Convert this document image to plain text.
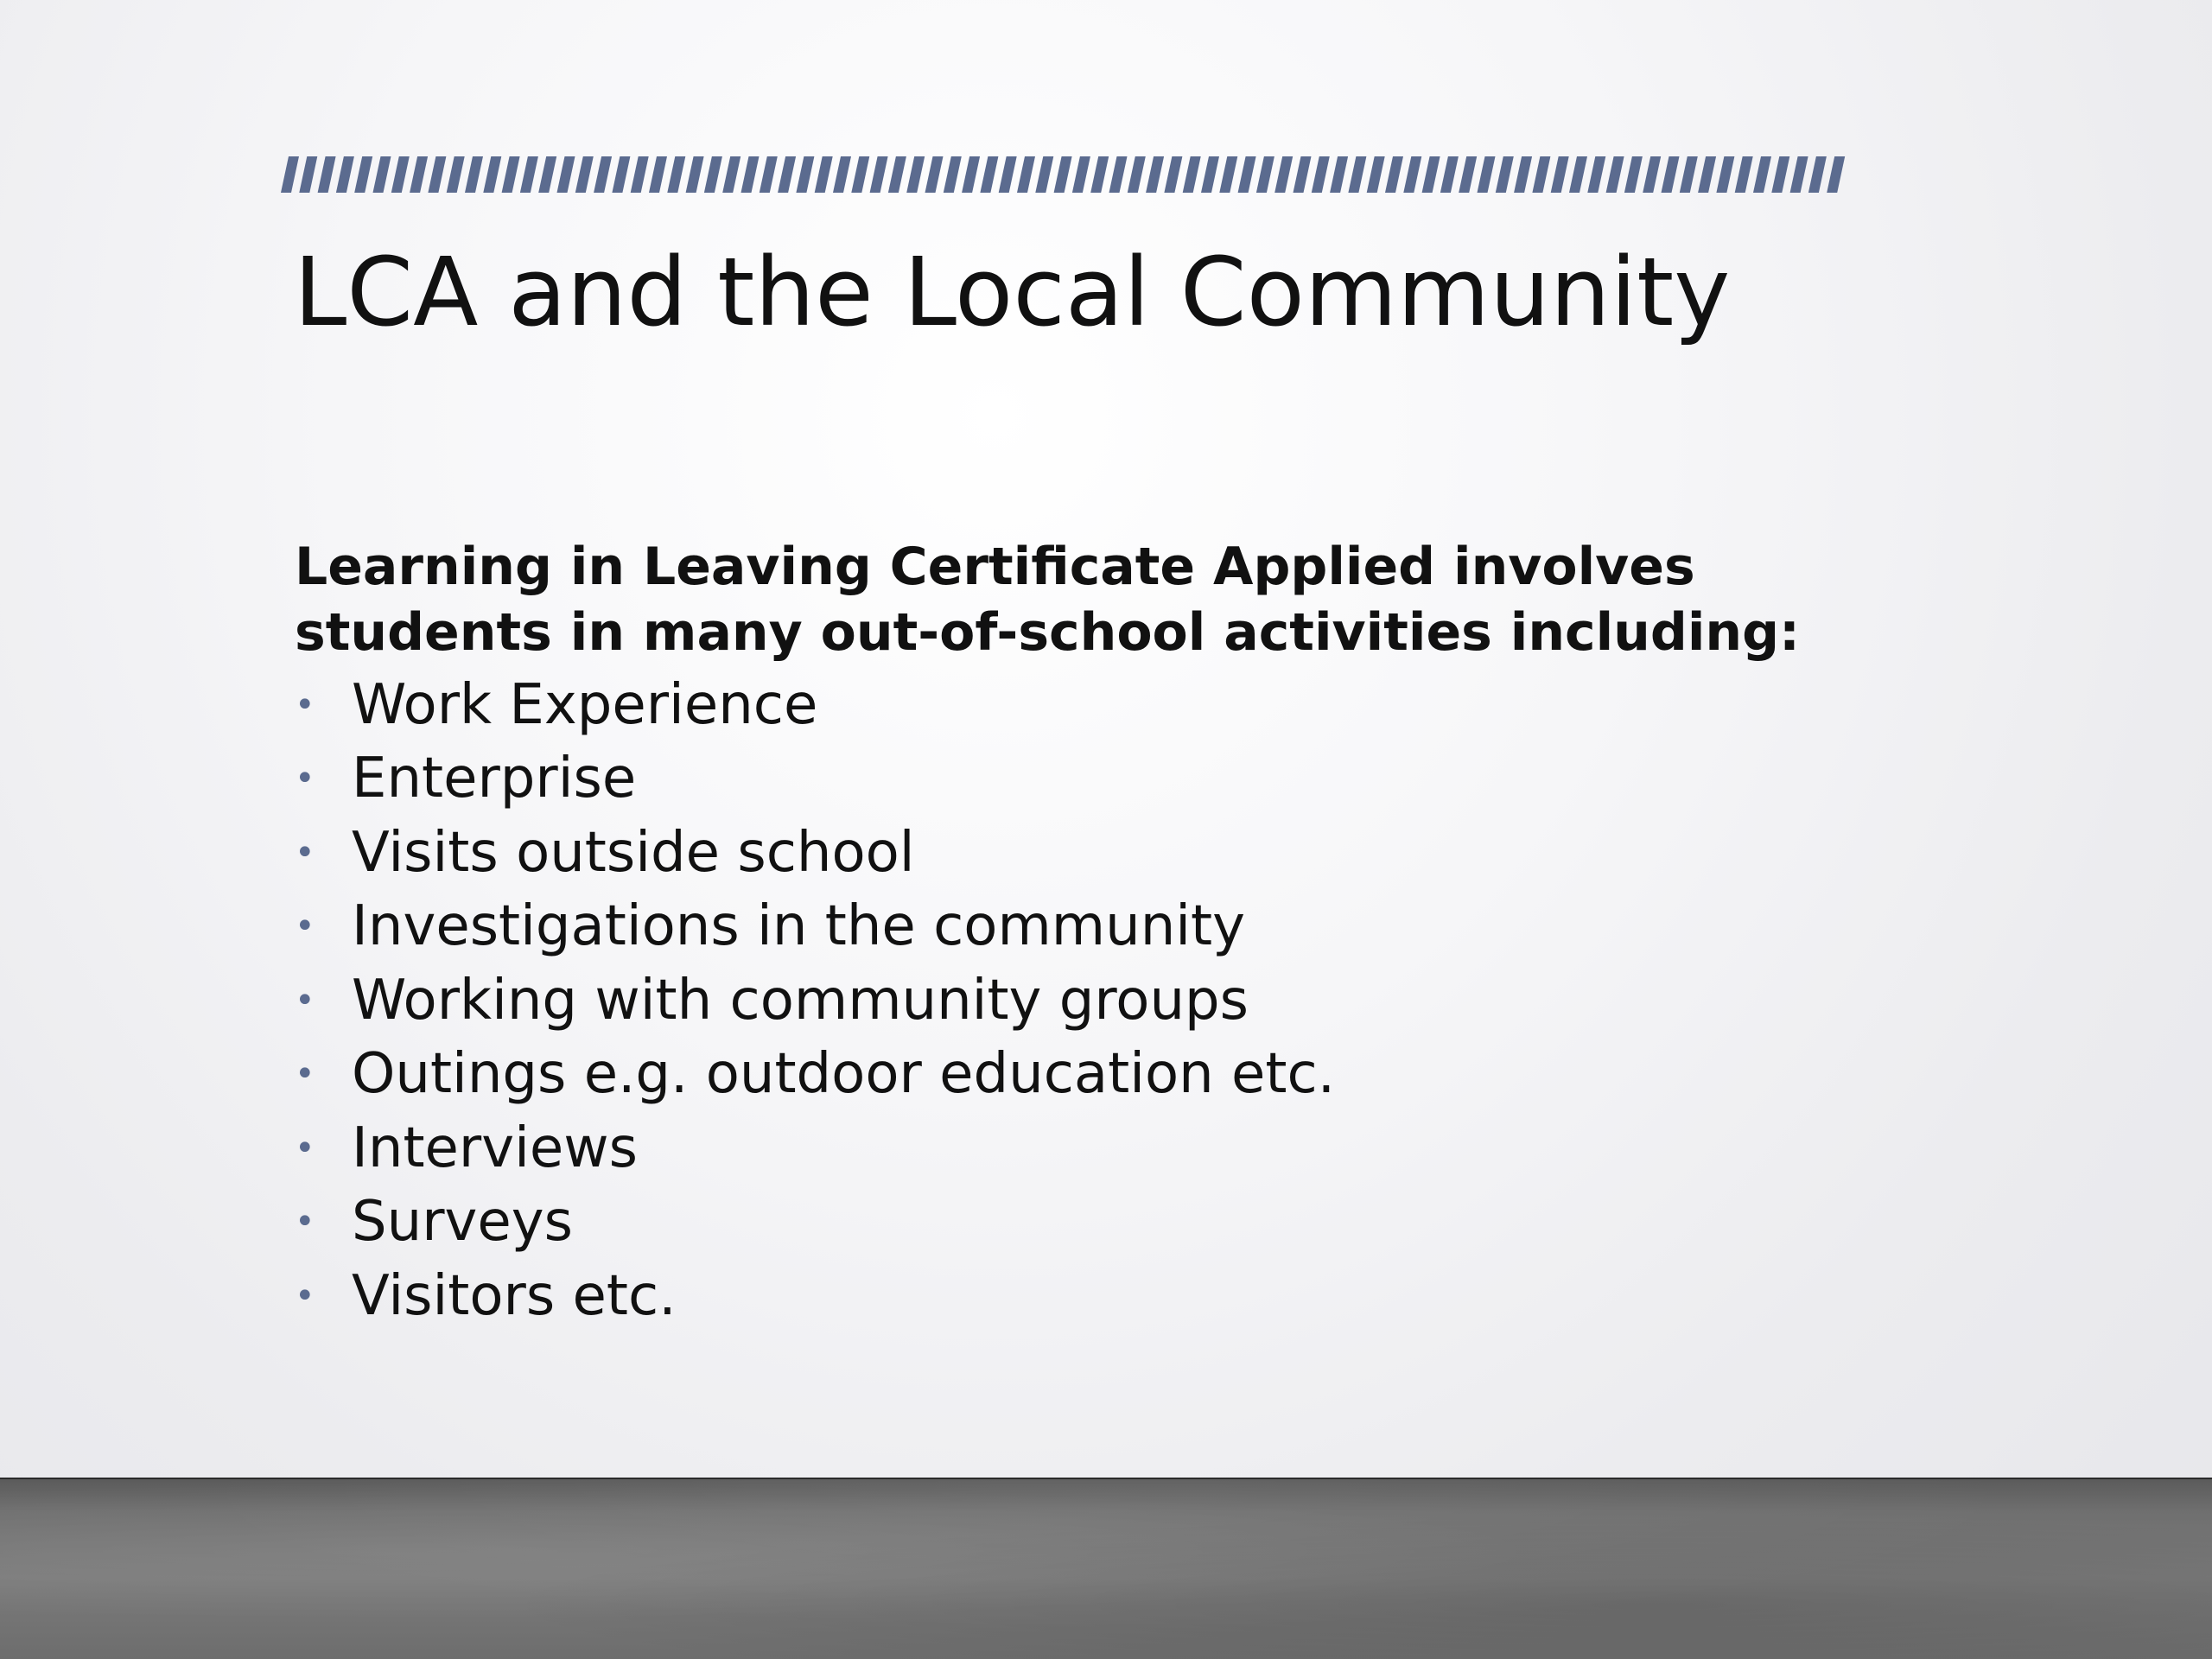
LCA and the Local Community

Learning in Leaving Certificate Applied involves students in many out-of-school activities including:

• Work Experience
• Enterprise
• Visits outside school
• Investigations in the community
• Working with community groups
• Outings e.g. outdoor education etc.
• Interviews
• Surveys
• Visitors etc.
